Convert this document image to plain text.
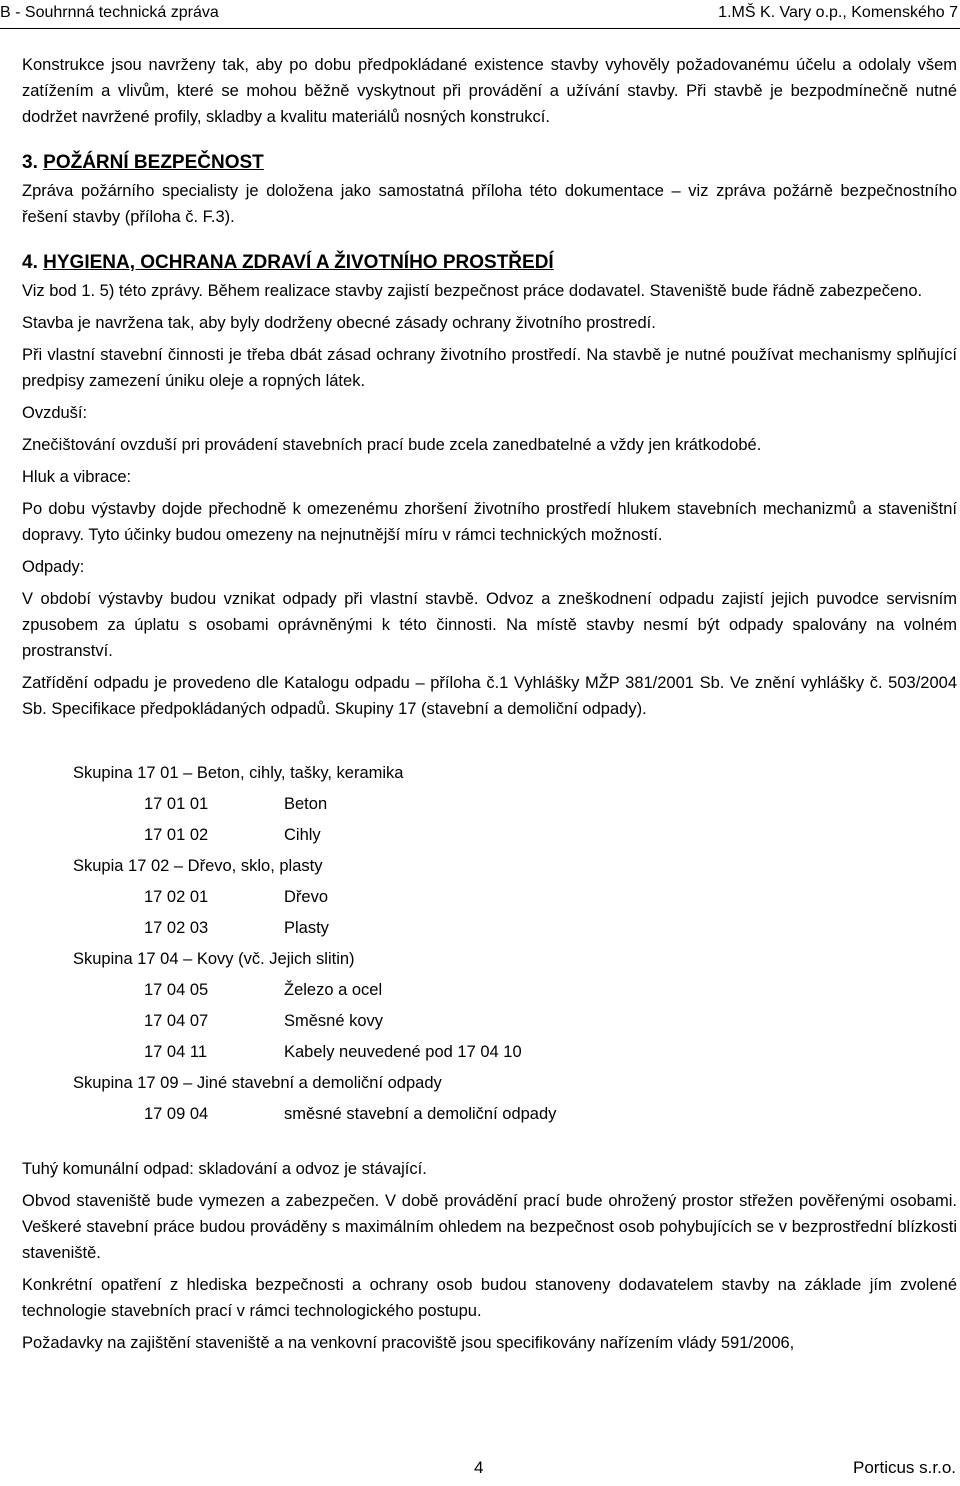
B - Souhrnná technická zpráva	1.MŠ K. Vary o.p., Komenského 7

Konstrukce jsou navrženy tak, aby po dobu předpokládané existence stavby vyhověly požadovanému účelu a odolaly všem zatížením a vlivům, které se mohou běžně vyskytnout při provádění a užívání stavby. Při stavbě je bezpodmínečně nutné dodržet navržené profily, skladby a kvalitu materiálů nosných konstrukcí.

3. POŽÁRNÍ BEZPEČNOST

Zpráva požárního specialisty je doložena jako samostatná příloha této dokumentace – viz zpráva požárně bezpečnostního řešení stavby (příloha č. F.3).

4. HYGIENA, OCHRANA ZDRAVÍ A ŽIVOTNÍHO PROSTŘEDÍ

Viz bod 1. 5) této zprávy. Během realizace stavby zajistí bezpečnost práce dodavatel. Staveniště bude řádně zabezpečeno.

Stavba je navržena tak, aby byly dodrženy obecné zásady ochrany životního prostredí.

Při vlastní stavební činnosti je třeba dbát zásad ochrany životního prostředí. Na stavbě je nutné používat mechanismy splňující predpisy zamezení úniku oleje a ropných látek.

Ovzduší:

Znečištování ovzduší pri provádení stavebních prací bude zcela zanedbatelné a vždy jen krátkodobé.

Hluk a vibrace:

Po dobu výstavby dojde přechodně k omezenému zhoršení životního prostředí hlukem stavebních mechanizmů a staveništní dopravy. Tyto účinky budou omezeny na nejnutnější míru v rámci technických možností.

Odpady:

V období výstavby budou vznikat odpady při vlastní stavbě. Odvoz a zneškodnení odpadu zajistí jejich puvodce servisním zpusobem za úplatu s osobami oprávněnými k této činnosti. Na místě stavby nesmí být odpady spalovány na volném prostranství.

Zatřídění odpadu je provedeno dle Katalogu odpadu – příloha č.1 Vyhlášky MŽP 381/2001 Sb. Ve znění vyhlášky č. 503/2004 Sb. Specifikace předpokládaných odpadů. Skupiny 17 (stavební a demoliční odpady).

Skupina 17 01 – Beton, cihly, tašky, keramika
17 01 01	Beton
17 01 02	Cihly
Skupia 17 02 – Dřevo, sklo, plasty
17 02 01	Dřevo
17 02 03	Plasty
Skupina 17 04 – Kovy (vč. Jejich slitin)
17 04 05	Železo a ocel
17 04 07	Směsné kovy
17 04 11	Kabely neuvedené pod 17 04 10
Skupina 17 09 – Jiné stavební a demoliční odpady
17 09 04	směsné stavební a demoliční odpady

Tuhý komunální odpad: skladování a odvoz je stávající.

Obvod staveniště bude vymezen a zabezpečen. V době provádění prací bude ohrožený prostor střežen pověřenými osobami. Veškeré stavební práce budou prováděny s maximálním ohledem na bezpečnost osob pohybujících se v bezprostřední blízkosti staveniště.

Konkrétní opatření z hlediska bezpečnosti a ochrany osob budou stanoveny dodavatelem stavby na základe jím zvolené technologie stavebních prací v rámci technologického postupu.

Požadavky na zajištění staveniště a na venkovní pracoviště jsou specifikovány nařízením vlády 591/2006,

4	Porticus s.r.o.
